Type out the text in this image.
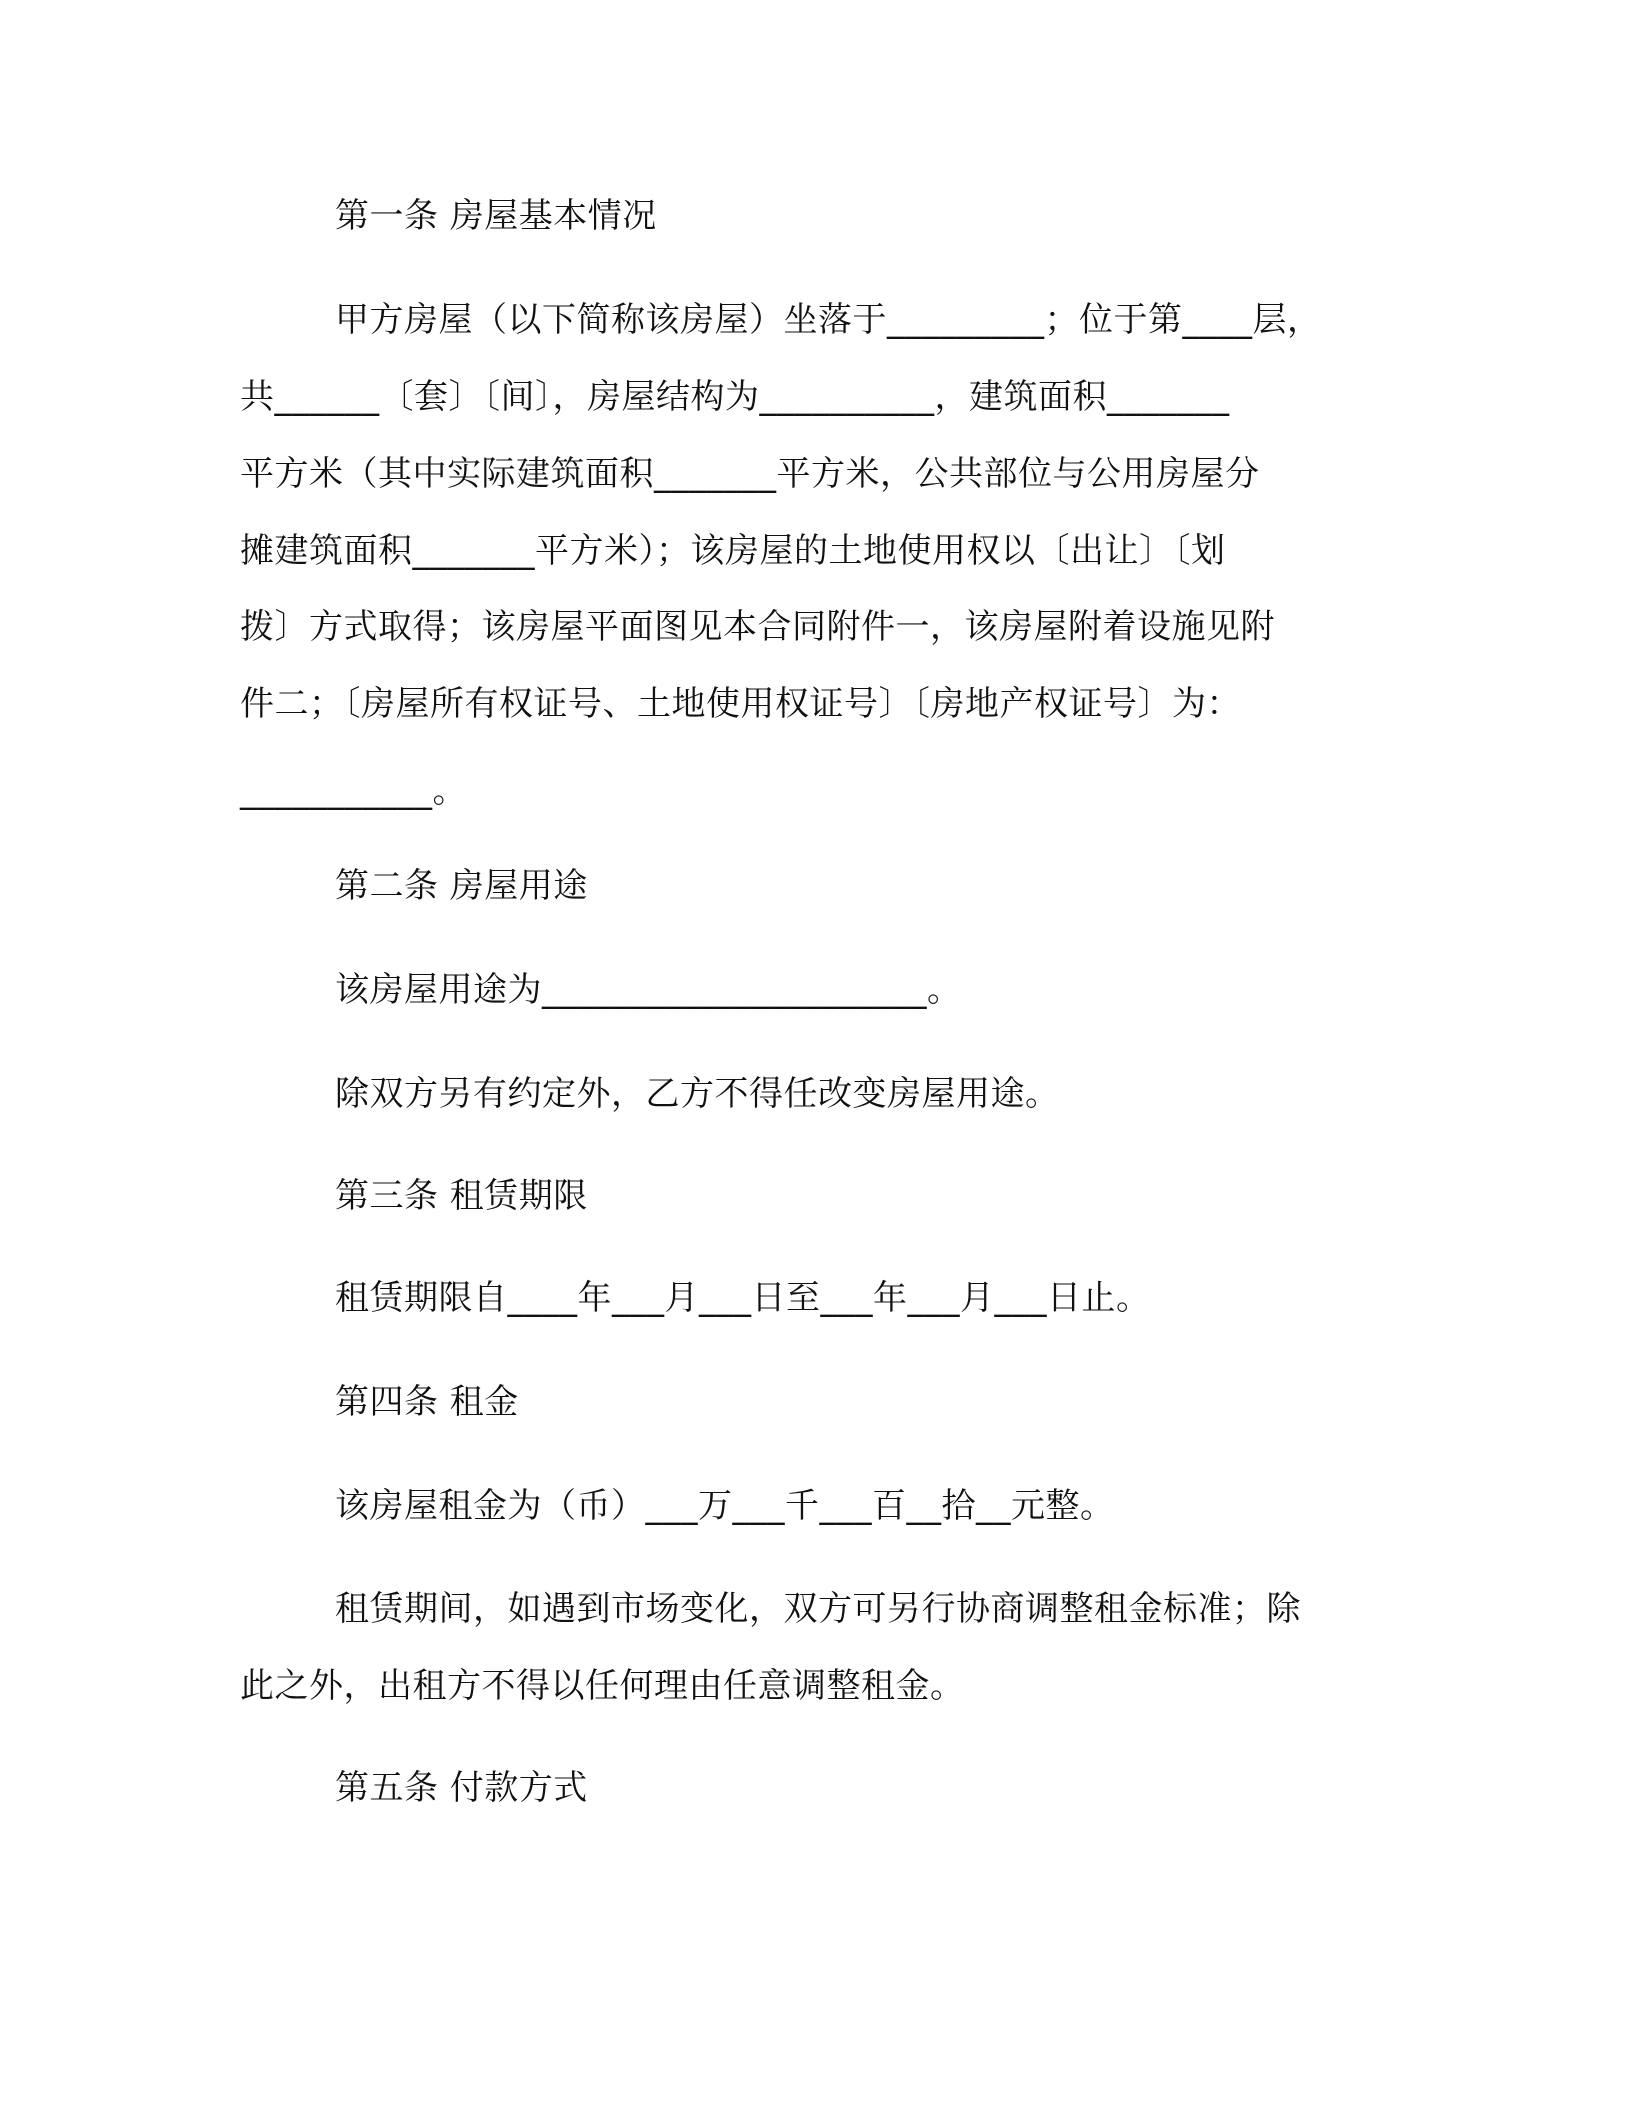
第一条 房屋基本情况
甲方房屋（以下简称该房屋）坐落于_________；位于第____层，
共______〔套〕〔间〕，房屋结构为__________，建筑面积_______
平方米（其中实际建筑面积_______平方米，公共部位与公用房屋分
摊建筑面积_______平方米）；该房屋的土地使用权以〔出让〕〔划
拨〕方式取得；该房屋平面图见本合同附件一，该房屋附着设施见附
件二；〔房屋所有权证号、土地使用权证号〕〔房地产权证号〕为：
___________。
第二条 房屋用途
该房屋用途为______________________。
除双方另有约定外，乙方不得任改变房屋用途。
第三条 租赁期限
租赁期限自____年___月___日至___年___月___日止。
第四条 租金
该房屋租金为（币）___万___千___百__拾__元整。
租赁期间，如遇到市场变化，双方可另行协商调整租金标准；除
此之外，出租方不得以任何理由任意调整租金。
第五条 付款方式
